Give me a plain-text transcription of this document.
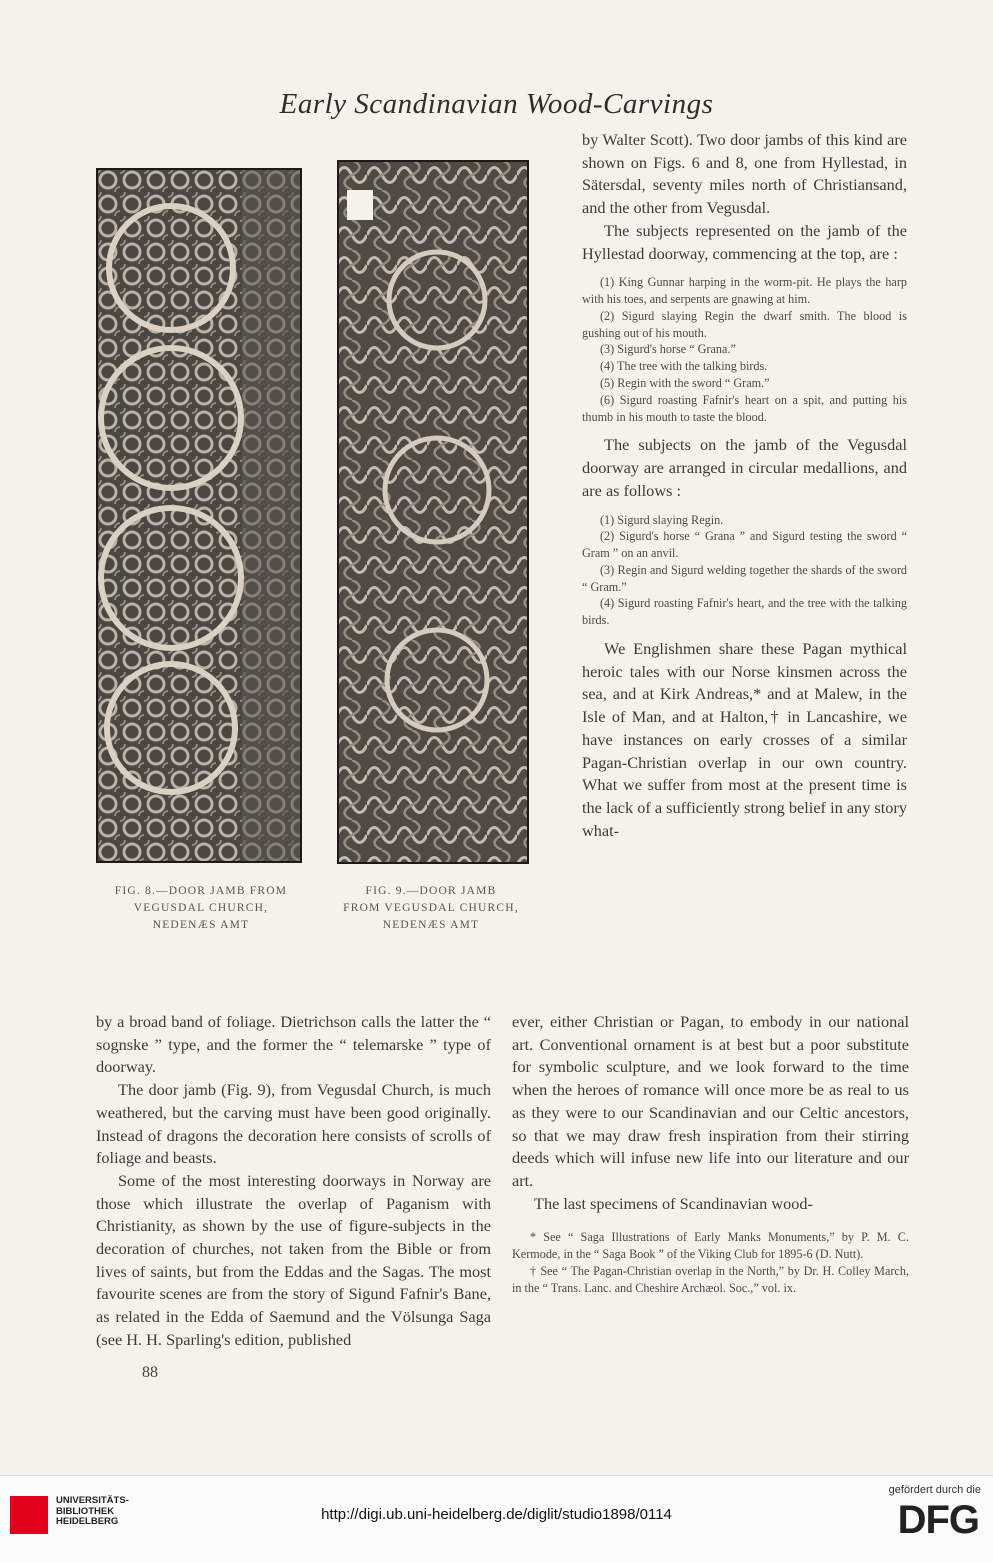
Early Scandinavian Wood-Carvings
FIG. 8.—DOOR JAMB FROM
VEGUSDAL CHURCH,
NEDENÆS AMT
FIG. 9.—DOOR JAMB
FROM VEGUSDAL CHURCH,
NEDENÆS AMT

by Walter Scott). Two door jambs of this kind are shown on Figs. 6 and 8, one from Hyllestad, in Sätersdal, seventy miles north of Christiansand, and the other from Vegusdal.

The subjects represented on the jamb of the Hyllestad doorway, commencing at the top, are :

(1) King Gunnar harping in the worm-pit. He plays the harp with his toes, and serpents are gnawing at him.

(2) Sigurd slaying Regin the dwarf smith. The blood is gushing out of his mouth.

(3) Sigurd's horse “ Grana.”

(4) The tree with the talking birds.

(5) Regin with the sword “ Gram.”

(6) Sigurd roasting Fafnir's heart on a spit, and putting his thumb in his mouth to taste the blood.

The subjects on the jamb of the Vegusdal doorway are arranged in circular medallions, and are as follows :

(1) Sigurd slaying Regin.

(2) Sigurd's horse “ Grana ” and Sigurd testing the sword “ Gram ” on an anvil.

(3) Regin and Sigurd welding together the shards of the sword “ Gram.”

(4) Sigurd roasting Fafnir's heart, and the tree with the talking birds.

We Englishmen share these Pagan mythical heroic tales with our Norse kinsmen across the sea, and at Kirk Andreas,* and at Malew, in the Isle of Man, and at Halton,† in Lancashire, we have instances on early crosses of a similar Pagan-Christian overlap in our own country. What we suffer from most at the present time is the lack of a sufficiently strong belief in any story what-

by a broad band of foliage. Dietrichson calls the latter the “ sognske ” type, and the former the “ telemarske ” type of doorway.

The door jamb (Fig. 9), from Vegusdal Church, is much weathered, but the carving must have been good originally. Instead of dragons the decoration here consists of scrolls of foliage and beasts.

Some of the most interesting doorways in Norway are those which illustrate the overlap of Paganism with Christianity, as shown by the use of figure-subjects in the decoration of churches, not taken from the Bible or from lives of saints, but from the Eddas and the Sagas. The most favourite scenes are from the story of Sigund Fafnir's Bane, as related in the Edda of Saemund and the Völsunga Saga (see H. H. Sparling's edition, published

ever, either Christian or Pagan, to embody in our national art. Conventional ornament is at best but a poor substitute for symbolic sculpture, and we look forward to the time when the heroes of romance will once more be as real to us as they were to our Scandinavian and our Celtic ancestors, so that we may draw fresh inspiration from their stirring deeds which will infuse new life into our literature and our art.

The last specimens of Scandinavian wood-

* See “ Saga Illustrations of Early Manks Monuments,” by P. M. C. Kermode, in the “ Saga Book ” of the Viking Club for 1895-6 (D. Nutt).

† See “ The Pagan-Christian overlap in the North,” by Dr. H. Colley March, in the “ Trans. Lanc. and Cheshire Archæol. Soc.,” vol. ix.

88
UNIVERSITÄTS-
BIBLIOTHEK
HEIDELBERG	http://digi.ub.uni-heidelberg.de/diglit/studio1898/0114
gefördert durch die
DFG
